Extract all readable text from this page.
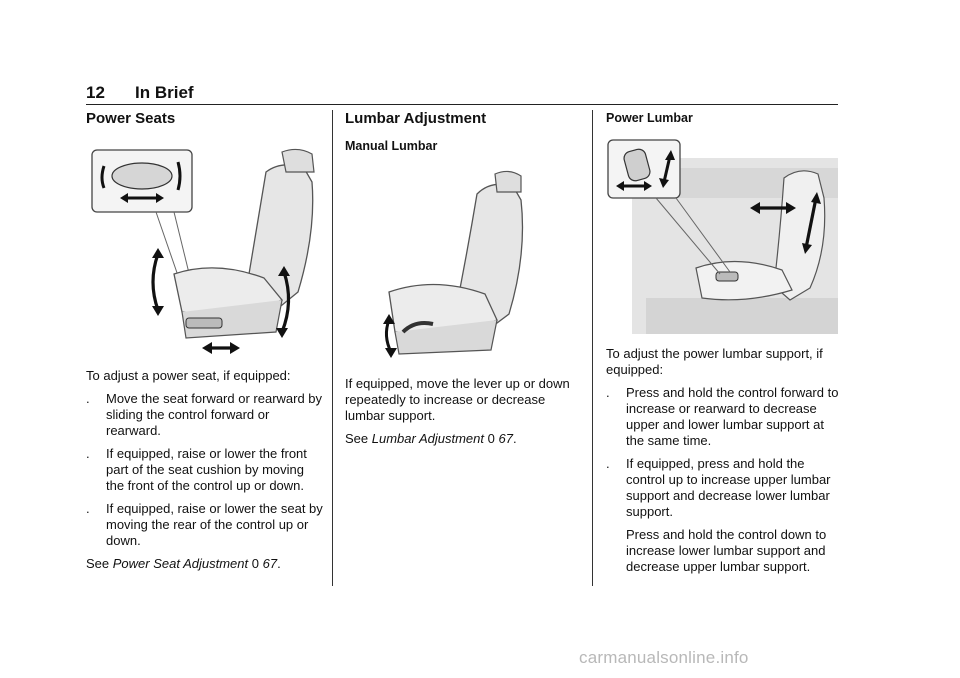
12 In Brief
Power Seats

To adjust a power seat, if equipped:

. Move the seat forward or rearward by sliding the control forward or rearward.
. If equipped, raise or lower the front part of the seat cushion by moving the front of the control up or down.
. If equipped, raise or lower the seat by moving the rear of the control up or down.

See Power Seat Adjustment 0 67.

Lumbar Adjustment
Manual Lumbar

If equipped, move the lever up or down repeatedly to increase or decrease lumbar support.

See Lumbar Adjustment 0 67.

Power Lumbar

To adjust the power lumbar support, if equipped:

. Press and hold the control forward to increase or rearward to decrease upper and lower lumbar support at the same time.
. If equipped, press and hold the control up to increase upper lumbar support and decrease lower lumbar support.

Press and hold the control down to increase lower lumbar support and decrease upper lumbar support.

carmanualsonline.info
